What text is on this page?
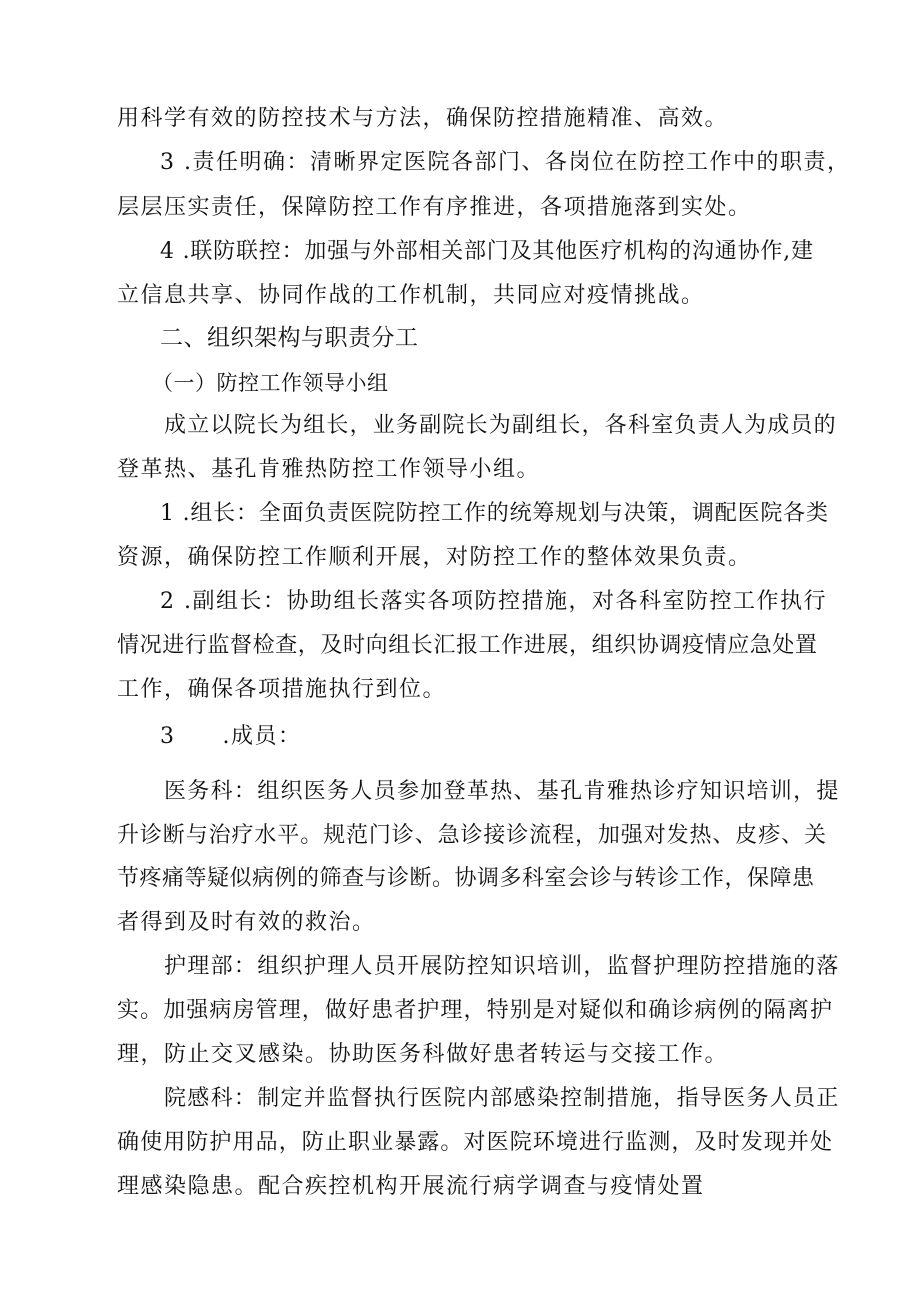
用科学有效的防控技术与方法，确保防控措施精准、高效。

3 .责任明确：清晰界定医院各部门、各岗位在防控工作中的职责，

层层压实责任，保障防控工作有序推进，各项措施落到实处。

4 .联防联控：加强与外部相关部门及其他医疗机构的沟通协作,建

立信息共享、协同作战的工作机制，共同应对疫情挑战。

二、组织架构与职责分工

（一）防控工作领导小组

成立以院长为组长，业务副院长为副组长，各科室负责人为成员的

登革热、基孔肯雅热防控工作领导小组。

1 .组长：全面负责医院防控工作的统筹规划与决策，调配医院各类

资源，确保防控工作顺利开展，对防控工作的整体效果负责。

2 .副组长：协助组长落实各项防控措施，对各科室防控工作执行

情况进行监督检查，及时向组长汇报工作进展，组织协调疫情应急处置

工作，确保各项措施执行到位。

3　　.成员：

医务科：组织医务人员参加登革热、基孔肯雅热诊疗知识培训，提

升诊断与治疗水平。规范门诊、急诊接诊流程，加强对发热、皮疹、关

节疼痛等疑似病例的筛查与诊断。协调多科室会诊与转诊工作，保障患

者得到及时有效的救治。

护理部：组织护理人员开展防控知识培训，监督护理防控措施的落

实。加强病房管理，做好患者护理，特别是对疑似和确诊病例的隔离护

理，防止交叉感染。协助医务科做好患者转运与交接工作。

院感科：制定并监督执行医院内部感染控制措施，指导医务人员正

确使用防护用品，防止职业暴露。对医院环境进行监测，及时发现并处

理感染隐患。配合疾控机构开展流行病学调查与疫情处置
